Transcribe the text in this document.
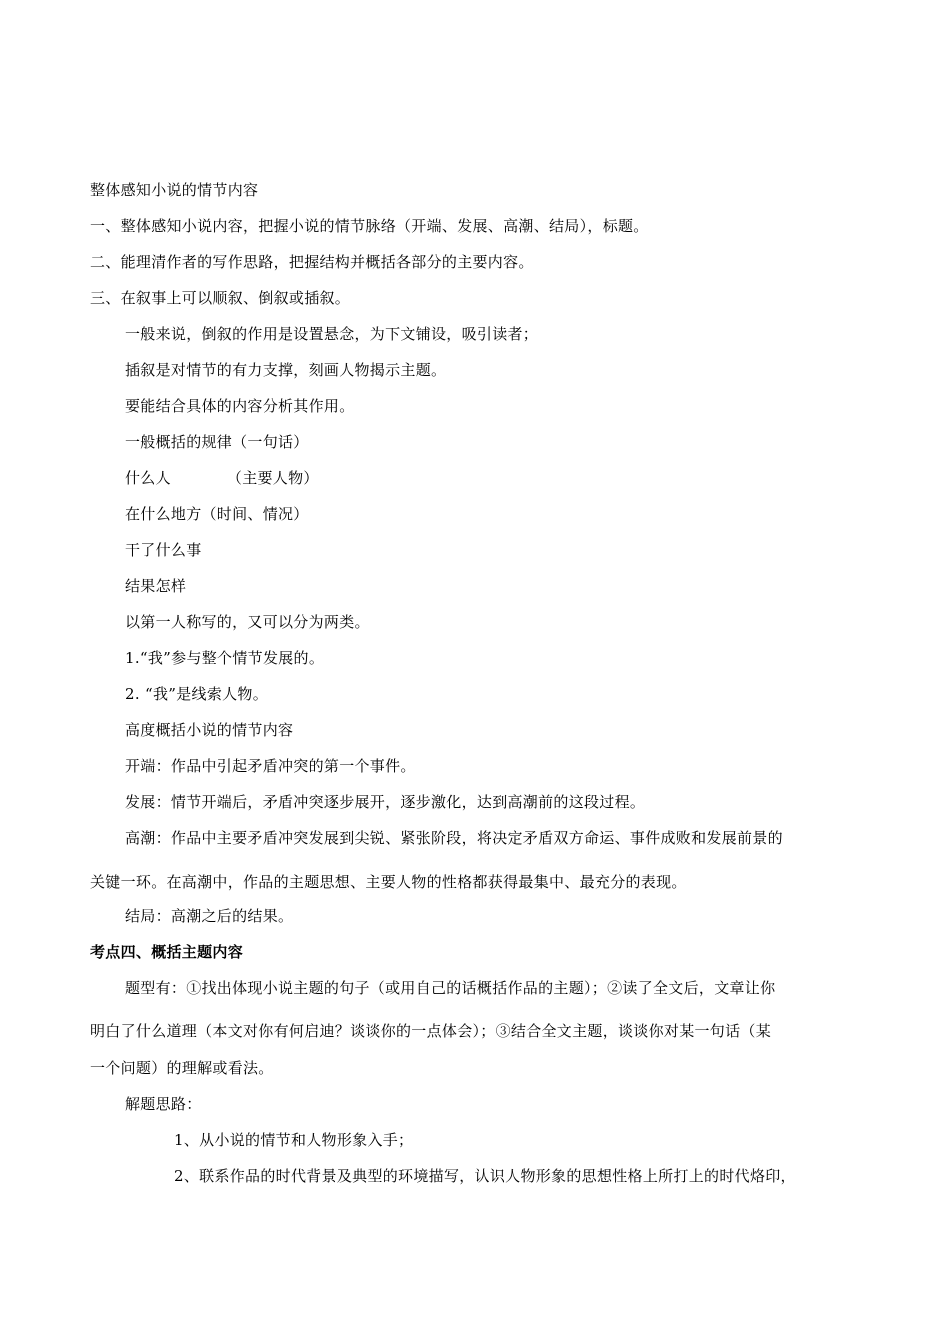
整体感知小说的情节内容
一、整体感知小说内容，把握小说的情节脉络（开端、发展、高潮、结局），标题。
二、能理清作者的写作思路，把握结构并概括各部分的主要内容。
三、在叙事上可以顺叙、倒叙或插叙。
一般来说，倒叙的作用是设置悬念，为下文铺设，吸引读者；
插叙是对情节的有力支撑，刻画人物揭示主题。
要能结合具体的内容分析其作用。
一般概括的规律（一句话）
什么人	（主要人物）
在什么地方（时间、情况）
干了什么事
结果怎样
以第一人称写的，又可以分为两类。
1.“我”参与整个情节发展的。
2. “我”是线索人物。
高度概括小说的情节内容
开端：作品中引起矛盾冲突的第一个事件。
发展：情节开端后，矛盾冲突逐步展开，逐步激化，达到高潮前的这段过程。
高潮：作品中主要矛盾冲突发展到尖锐、紧张阶段，将决定矛盾双方命运、事件成败和发展前景的
关键一环。在高潮中，作品的主题思想、主要人物的性格都获得最集中、最充分的表现。
结局：高潮之后的结果。
考点四、概括主题内容
题型有：①找出体现小说主题的句子（或用自己的话概括作品的主题）；②读了全文后，文章让你
明白了什么道理（本文对你有何启迪？谈谈你的一点体会）；③结合全文主题，谈谈你对某一句话（某
一个问题）的理解或看法。
解题思路：
1、从小说的情节和人物形象入手；
2、联系作品的时代背景及典型的环境描写，认识人物形象的思想性格上所打上的时代烙印，
